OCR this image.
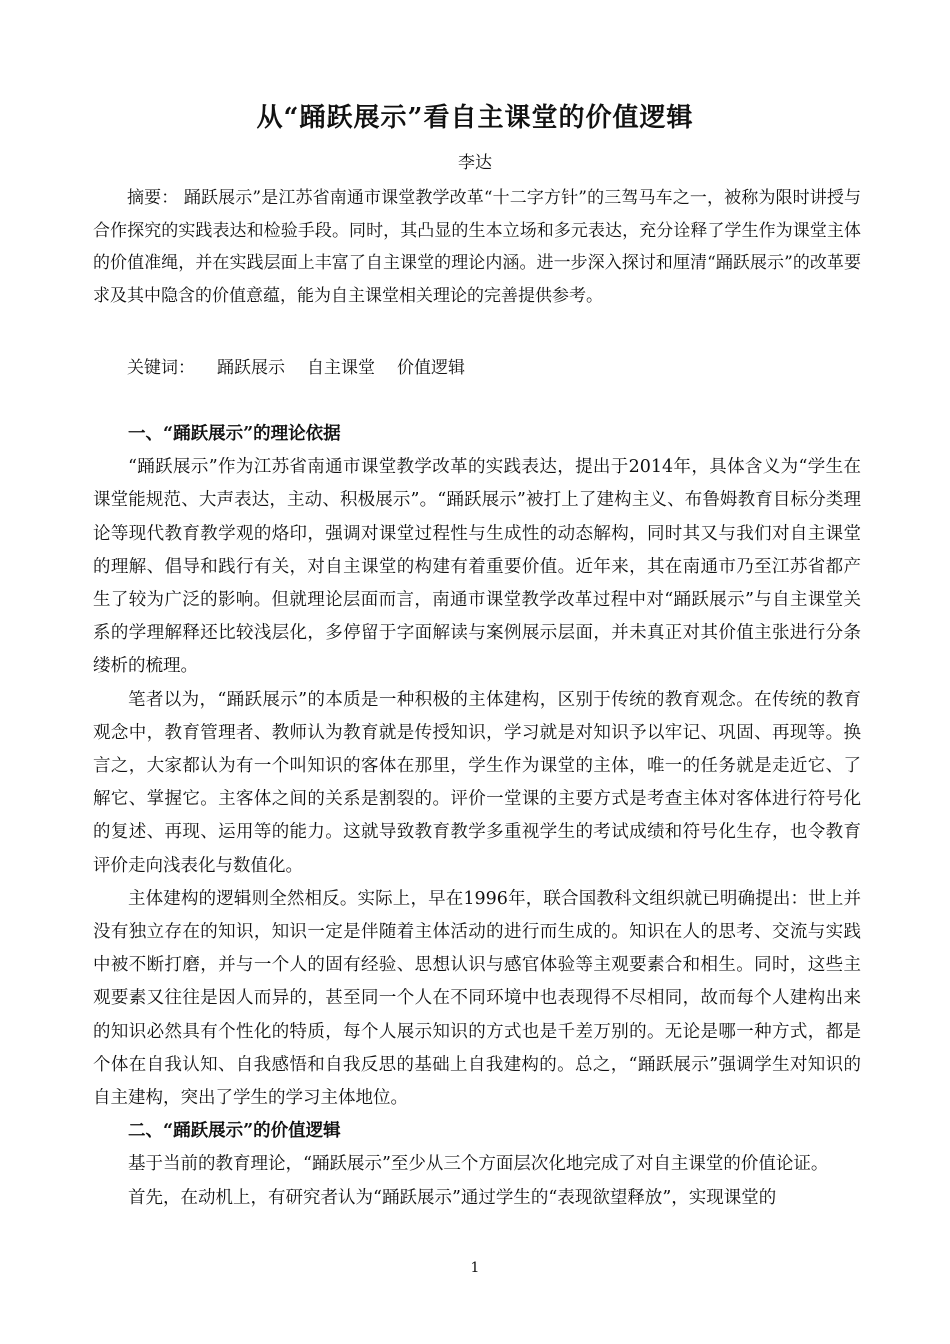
从“踊跃展示”看自主课堂的价值逻辑
李达
摘要： 踊跃展示”是江苏省南通市课堂教学改革“十二字方针”的三驾马车之一，被称为限时讲授与合作探究的实践表达和检验手段。同时，其凸显的生本立场和多元表达，充分诠释了学生作为课堂主体的价值准绳，并在实践层面上丰富了自主课堂的理论内涵。进一步深入探讨和厘清“踊跃展示”的改革要求及其中隐含的价值意蕴，能为自主课堂相关理论的完善提供参考。
关键词： 踊跃展示 自主课堂 价值逻辑

一、“踊跃展示”的理论依据

“踊跃展示”作为江苏省南通市课堂教学改革的实践表达，提出于2014年，具体含义为“学生在课堂能规范、大声表达，主动、积极展示”。“踊跃展示”被打上了建构主义、布鲁姆教育目标分类理论等现代教育教学观的烙印，强调对课堂过程性与生成性的动态解构，同时其又与我们对自主课堂的理解、倡导和践行有关，对自主课堂的构建有着重要价值。近年来，其在南通市乃至江苏省都产生了较为广泛的影响。但就理论层面而言，南通市课堂教学改革过程中对“踊跃展示”与自主课堂关系的学理解释还比较浅层化，多停留于字面解读与案例展示层面，并未真正对其价值主张进行分条缕析的梳理。

笔者以为，“踊跃展示”的本质是一种积极的主体建构，区别于传统的教育观念。在传统的教育观念中，教育管理者、教师认为教育就是传授知识，学习就是对知识予以牢记、巩固、再现等。换言之，大家都认为有一个叫知识的客体在那里，学生作为课堂的主体，唯一的任务就是走近它、了解它、掌握它。主客体之间的关系是割裂的。评价一堂课的主要方式是考查主体对客体进行符号化的复述、再现、运用等的能力。这就导致教育教学多重视学生的考试成绩和符号化生存，也令教育评价走向浅表化与数值化。

主体建构的逻辑则全然相反。实际上，早在1996年，联合国教科文组织就已明确提出：世上并没有独立存在的知识，知识一定是伴随着主体活动的进行而生成的。知识在人的思考、交流与实践中被不断打磨，并与一个人的固有经验、思想认识与感官体验等主观要素合和相生。同时，这些主观要素又往往是因人而异的，甚至同一个人在不同环境中也表现得不尽相同，故而每个人建构出来的知识必然具有个性化的特质，每个人展示知识的方式也是千差万别的。无论是哪一种方式，都是个体在自我认知、自我感悟和自我反思的基础上自我建构的。总之，“踊跃展示”强调学生对知识的自主建构，突出了学生的学习主体地位。

二、“踊跃展示”的价值逻辑

基于当前的教育理论，“踊跃展示”至少从三个方面层次化地完成了对自主课堂的价值论证。

首先，在动机上，有研究者认为“踊跃展示”通过学生的“表现欲望释放”，实现课堂的

1
